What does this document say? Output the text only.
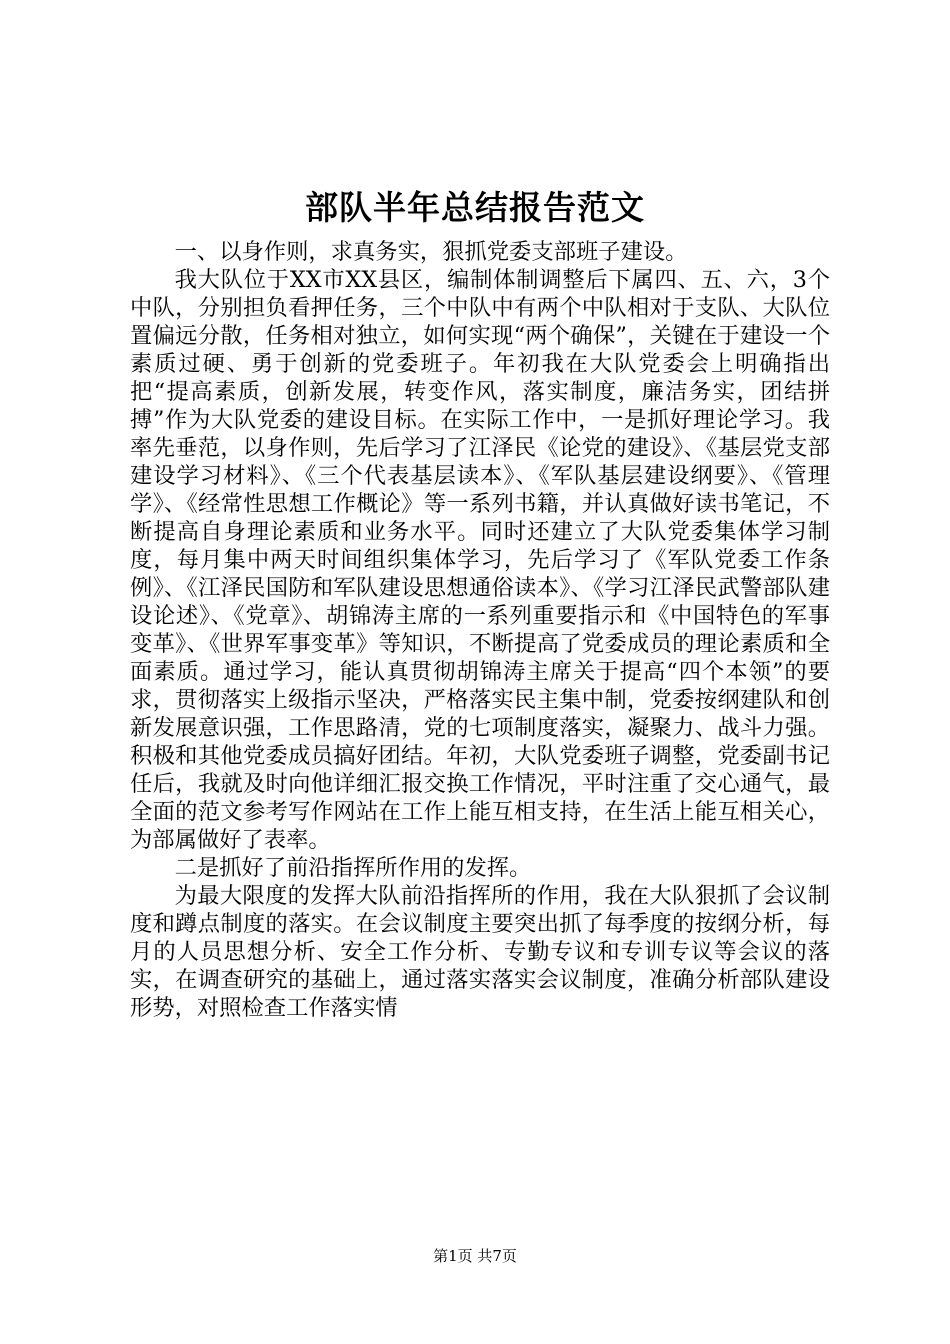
部队半年总结报告范文

一、以身作则，求真务实，狠抓党委支部班子建设。

我大队位于XX市XX县区，编制体制调整后下属四、五、六，3个中队，分别担负看押任务，三个中队中有两个中队相对于支队、大队位置偏远分散，任务相对独立，如何实现“两个确保”，关键在于建设一个素质过硬、勇于创新的党委班子。年初我在大队党委会上明确指出把“提高素质，创新发展，转变作风，落实制度，廉洁务实，团结拼搏”作为大队党委的建设目标。在实际工作中，一是抓好理论学习。我率先垂范，以身作则，先后学习了江泽民《论党的建设》、《基层党支部建设学习材料》、《三个代表基层读本》、《军队基层建设纲要》、《管理学》、《经常性思想工作概论》等一系列书籍，并认真做好读书笔记，不断提高自身理论素质和业务水平。同时还建立了大队党委集体学习制度，每月集中两天时间组织集体学习，先后学习了《军队党委工作条例》、《江泽民国防和军队建设思想通俗读本》、《学习江泽民武警部队建设论述》、《党章》、胡锦涛主席的一系列重要指示和《中国特色的军事变革》、《世界军事变革》等知识，不断提高了党委成员的理论素质和全面素质。通过学习，能认真贯彻胡锦涛主席关于提高“四个本领”的要求，贯彻落实上级指示坚决，严格落实民主集中制，党委按纲建队和创新发展意识强，工作思路清，党的七项制度落实，凝聚力、战斗力强。积极和其他党委成员搞好团结。年初，大队党委班子调整，党委副书记任后，我就及时向他详细汇报交换工作情况，平时注重了交心通气，最全面的范文参考写作网站在工作上能互相支持，在生活上能互相关心，为部属做好了表率。

二是抓好了前沿指挥所作用的发挥。

为最大限度的发挥大队前沿指挥所的作用，我在大队狠抓了会议制度和蹲点制度的落实。在会议制度主要突出抓了每季度的按纲分析，每月的人员思想分析、安全工作分析、专勤专议和专训专议等会议的落实，在调查研究的基础上，通过落实落实会议制度，准确分析部队建设形势，对照检查工作落实情

第1页 共7页
